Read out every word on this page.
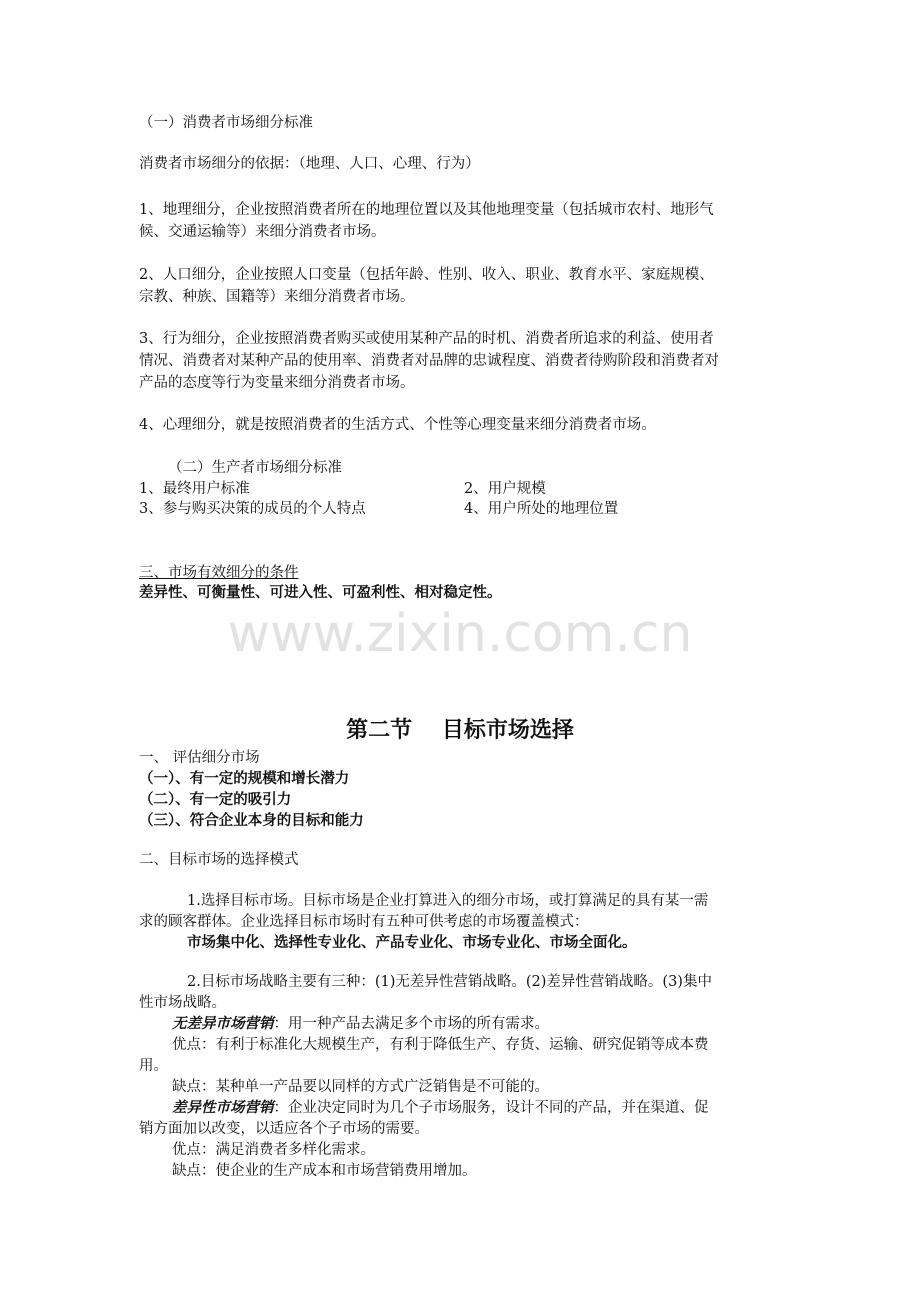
www.zixin.com.cn
（一）消费者市场细分标准
消费者市场细分的依据：（地理、人口、心理、行为）
1、地理细分，企业按照消费者所在的地理位置以及其他地理变量（包括城市农村、地形气
候、交通运输等）来细分消费者市场。
2、人口细分，企业按照人口变量（包括年龄、性别、收入、职业、教育水平、家庭规模、
宗教、种族、国籍等）来细分消费者市场。
3、行为细分，企业按照消费者购买或使用某种产品的时机、消费者所追求的利益、使用者
情况、消费者对某种产品的使用率、消费者对品牌的忠诚程度、消费者待购阶段和消费者对
产品的态度等行为变量来细分消费者市场。
4、心理细分，就是按照消费者的生活方式、个性等心理变量来细分消费者市场。
（二）生产者市场细分标准
1、最终用户标准	2、用户规模
3、参与购买决策的成员的个人特点	4、用户所处的地理位置
三、市场有效细分的条件
差异性、可衡量性、可进入性、可盈利性、相对稳定性。
第二节　 目标市场选择
一、 评估细分市场
（一）、有一定的规模和增长潜力
（二）、有一定的吸引力
（三）、符合企业本身的目标和能力
二、目标市场的选择模式
1.选择目标市场。目标市场是企业打算进入的细分市场，或打算满足的具有某一需
求的顾客群体。企业选择目标市场时有五种可供考虑的市场覆盖模式：
市场集中化、选择性专业化、产品专业化、市场专业化、市场全面化。
2.目标市场战略主要有三种：(1)无差异性营销战略。(2)差异性营销战略。(3)集中
性市场战略。
无差异市场营销：用一种产品去满足多个市场的所有需求。
优点：有利于标准化大规模生产，有利于降低生产、存货、运输、研究促销等成本费
用。
缺点：某种单一产品要以同样的方式广泛销售是不可能的。
差异性市场营销：企业决定同时为几个子市场服务，设计不同的产品，并在渠道、促
销方面加以改变，以适应各个子市场的需要。
优点：满足消费者多样化需求。
缺点：使企业的生产成本和市场营销费用增加。
